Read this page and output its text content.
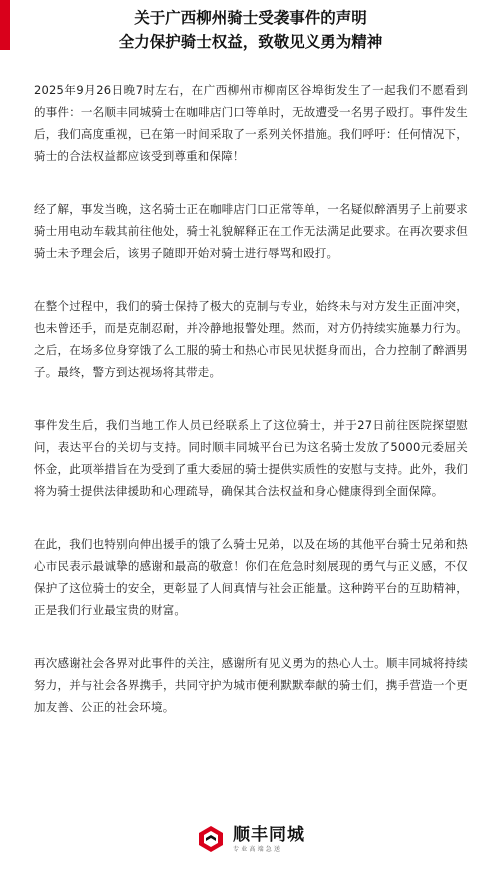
关于广西柳州骑士受袭事件的声明
全力保护骑士权益，致敬见义勇为精神

2025年9月26日晚7时左右，在广西柳州市柳南区谷埠街发生了一起我们不愿看到的事件：一名顺丰同城骑士在咖啡店门口等单时，无故遭受一名男子殴打。事件发生后，我们高度重视，已在第一时间采取了一系列关怀措施。我们呼吁：任何情况下，骑士的合法权益都应该受到尊重和保障！

经了解，事发当晚，这名骑士正在咖啡店门口正常等单，一名疑似醉酒男子上前要求骑士用电动车载其前往他处，骑士礼貌解释正在工作无法满足此要求。在再次要求但骑士未予理会后，该男子随即开始对骑士进行辱骂和殴打。

在整个过程中，我们的骑士保持了极大的克制与专业，始终未与对方发生正面冲突，也未曾还手，而是克制忍耐，并冷静地报警处理。然而，对方仍持续实施暴力行为。之后，在场多位身穿饿了么工服的骑士和热心市民见状挺身而出，合力控制了醉酒男子。最终，警方到达视场将其带走。

事件发生后，我们当地工作人员已经联系上了这位骑士，并于27日前往医院探望慰问，表达平台的关切与支持。同时顺丰同城平台已为这名骑士发放了5000元委屈关怀金，此项举措旨在为受到了重大委屈的骑士提供实质性的安慰与支持。此外，我们将为骑士提供法律援助和心理疏导，确保其合法权益和身心健康得到全面保障。

在此，我们也特别向伸出援手的饿了么骑士兄弟，以及在场的其他平台骑士兄弟和热心市民表示最诚挚的感谢和最高的敬意！你们在危急时刻展现的勇气与正义感，不仅保护了这位骑士的安全，更彰显了人间真情与社会正能量。这种跨平台的互助精神，正是我们行业最宝贵的财富。

再次感谢社会各界对此事件的关注，感谢所有见义勇为的热心人士。顺丰同城将持续努力，并与社会各界携手，共同守护为城市便利默默奉献的骑士们，携手营造一个更加友善、公正的社会环境。

顺丰同城
专业高端急送
